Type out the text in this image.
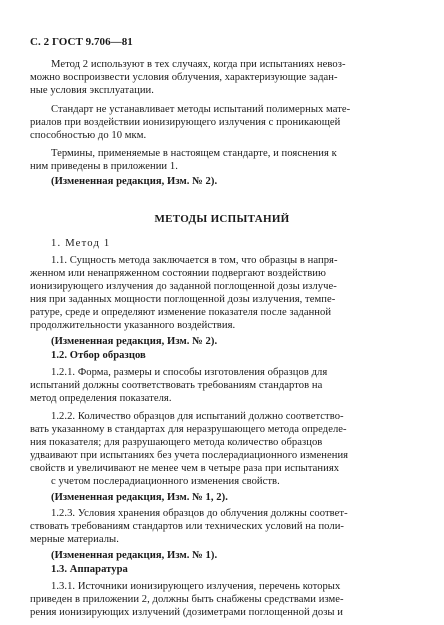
С. 2 ГОСТ 9.706—81
Метод 2 используют в тех случаях, когда при испытаниях невоз-
можно воспроизвести условия облучения, характеризующие задан-
ные условия эксплуатации.
Стандарт не устанавливает методы испытаний полимерных мате-
риалов при воздействии ионизирующего излучения с проникающей
способностью до 10 мкм.
Термины, применяемые в настоящем стандарте, и пояснения к
ним приведены в приложении 1.
(Измененная редакция, Изм. № 2).
МЕТОДЫ ИСПЫТАНИЙ
1. Метод 1
1.1. Сущность метода заключается в том, что образцы в напря-
женном или ненапряженном состоянии подвергают воздействию
ионизирующего излучения до заданной поглощенной дозы излуче-
ния при заданных мощности поглощенной дозы излучения, темпе-
ратуре, среде и определяют изменение показателя после заданной
продолжительности указанного воздействия.
(Измененная редакция, Изм. № 2).
1.2. Отбор образцов
1.2.1. Форма, размеры и способы изготовления образцов для
испытаний должны соответствовать требованиям стандартов на
метод определения показателя.
1.2.2. Количество образцов для испытаний должно соответство-
вать указанному в стандартах для неразрушающего метода определе-
ния показателя; для разрушающего метода количество образцов
удваивают при испытаниях без учета послерадиационного изменения
свойств и увеличивают не менее чем в четыре раза при испытаниях
с учетом послерадиационного изменения свойств.
(Измененная редакция, Изм. № 1, 2).
1.2.3. Условия хранения образцов до облучения должны соответ-
ствовать требованиям стандартов или технических условий на поли-
мерные материалы.
(Измененная редакция, Изм. № 1).
1.3. Аппаратура
1.3.1. Источники ионизирующего излучения, перечень которых
приведен в приложении 2, должны быть снабжены средствами изме-
рения ионизирующих излучений (дозиметрами поглощенной дозы и
